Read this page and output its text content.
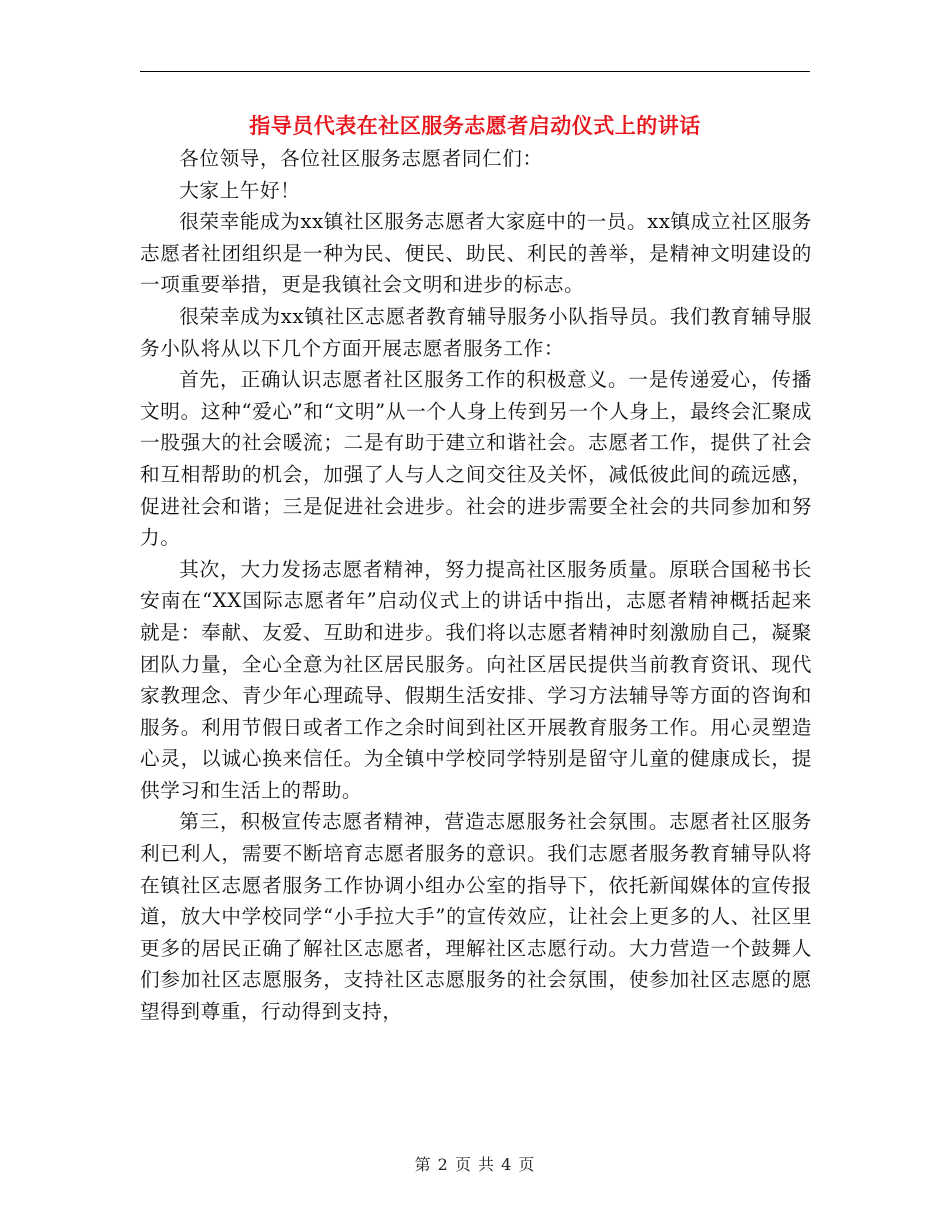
指导员代表在社区服务志愿者启动仪式上的讲话

各位领导，各位社区服务志愿者同仁们：

大家上午好！

很荣幸能成为xx镇社区服务志愿者大家庭中的一员。xx镇成立社区服务志愿者社团组织是一种为民、便民、助民、利民的善举，是精神文明建设的一项重要举措，更是我镇社会文明和进步的标志。

很荣幸成为xx镇社区志愿者教育辅导服务小队指导员。我们教育辅导服务小队将从以下几个方面开展志愿者服务工作：

首先，正确认识志愿者社区服务工作的积极意义。一是传递爱心，传播文明。这种“爱心”和“文明”从一个人身上传到另一个人身上，最终会汇聚成一股强大的社会暖流；二是有助于建立和谐社会。志愿者工作，提供了社会和互相帮助的机会，加强了人与人之间交往及关怀，减低彼此间的疏远感，促进社会和谐；三是促进社会进步。社会的进步需要全社会的共同参加和努力。

其次，大力发扬志愿者精神，努力提高社区服务质量。原联合国秘书长安南在“XX国际志愿者年”启动仪式上的讲话中指出，志愿者精神概括起来就是：奉献、友爱、互助和进步。我们将以志愿者精神时刻激励自己，凝聚团队力量，全心全意为社区居民服务。向社区居民提供当前教育资讯、现代家教理念、青少年心理疏导、假期生活安排、学习方法辅导等方面的咨询和服务。利用节假日或者工作之余时间到社区开展教育服务工作。用心灵塑造心灵，以诚心换来信任。为全镇中学校同学特别是留守儿童的健康成长，提供学习和生活上的帮助。

第三，积极宣传志愿者精神，营造志愿服务社会氛围。志愿者社区服务利已利人，需要不断培育志愿者服务的意识。我们志愿者服务教育辅导队将在镇社区志愿者服务工作协调小组办公室的指导下，依托新闻媒体的宣传报道，放大中学校同学“小手拉大手”的宣传效应，让社会上更多的人、社区里更多的居民正确了解社区志愿者，理解社区志愿行动。大力营造一个鼓舞人们参加社区志愿服务，支持社区志愿服务的社会氛围，使参加社区志愿的愿望得到尊重，行动得到支持，

第 2 页 共 4 页
